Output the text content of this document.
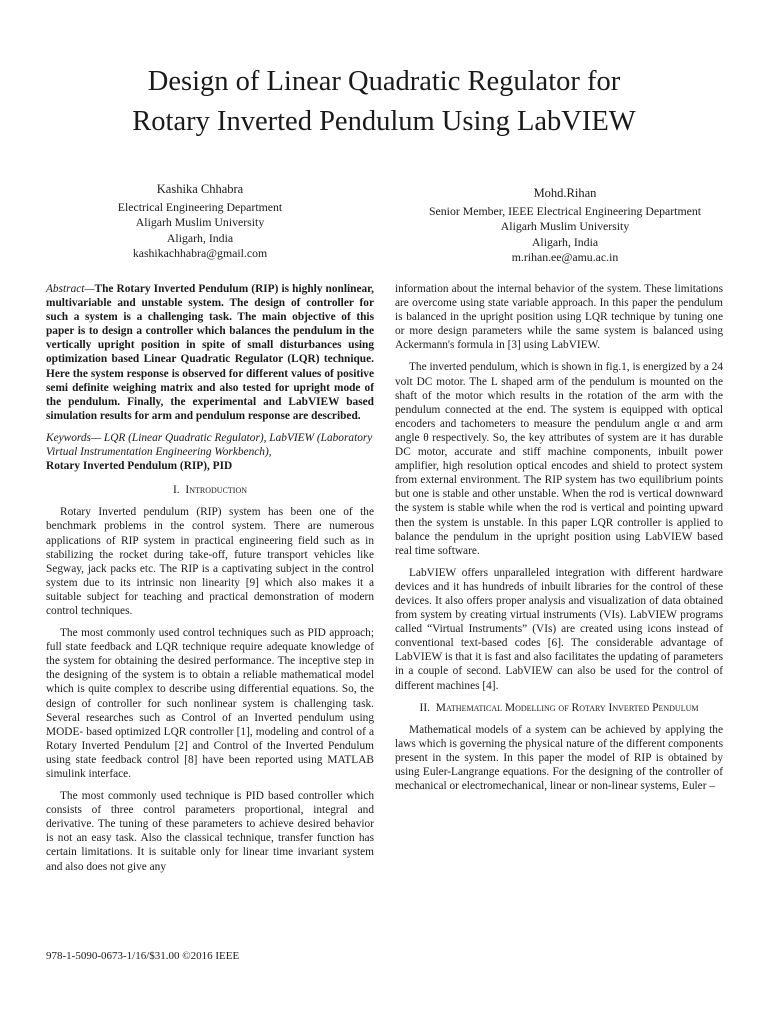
Design of Linear Quadratic Regulator for
Rotary Inverted Pendulum Using LabVIEW
Kashika Chhabra
Electrical Engineering Department
Aligarh Muslim University
Aligarh, India
kashikachhabra@gmail.com
Mohd.Rihan
Senior Member, IEEE Electrical Engineering Department
Aligarh Muslim University
Aligarh, India
m.rihan.ee@amu.ac.in

Abstract—The Rotary Inverted Pendulum (RIP) is highly nonlinear, multivariable and unstable system. The design of controller for such a system is a challenging task. The main objective of this paper is to design a controller which balances the pendulum in the vertically upright position in spite of small disturbances using optimization based Linear Quadratic Regulator (LQR) technique. Here the system response is observed for different values of positive semi definite weighing matrix and also tested for upright mode of the pendulum. Finally, the experimental and LabVIEW based simulation results for arm and pendulum response are described.

Keywords— LQR (Linear Quadratic Regulator), LabVIEW (Laboratory Virtual Instrumentation Engineering Workbench),
Rotary Inverted Pendulum (RIP), PID

I. Introduction

Rotary Inverted pendulum (RIP) system has been one of the benchmark problems in the control system. There are numerous applications of RIP system in practical engineering field such as in stabilizing the rocket during take-off, future transport vehicles like Segway, jack packs etc. The RIP is a captivating subject in the control system due to its intrinsic non linearity [9] which also makes it a suitable subject for teaching and practical demonstration of modern control techniques.

The most commonly used control techniques such as PID approach; full state feedback and LQR technique require adequate knowledge of the system for obtaining the desired performance. The inceptive step in the designing of the system is to obtain a reliable mathematical model which is quite complex to describe using differential equations. So, the design of controller for such nonlinear system is challenging task. Several researches such as Control of an Inverted pendulum using MODE- based optimized LQR controller [1], modeling and control of a Rotary Inverted Pendulum [2] and Control of the Inverted Pendulum using state feedback control [8] have been reported using MATLAB simulink interface.

The most commonly used technique is PID based controller which consists of three control parameters proportional, integral and derivative. The tuning of these parameters to achieve desired behavior is not an easy task. Also the classical technique, transfer function has certain limitations. It is suitable only for linear time invariant system and also does not give any

information about the internal behavior of the system. These limitations are overcome using state variable approach. In this paper the pendulum is balanced in the upright position using LQR technique by tuning one or more design parameters while the same system is balanced using Ackermann's formula in [3] using LabVIEW.

The inverted pendulum, which is shown in fig.1, is energized by a 24 volt DC motor. The L shaped arm of the pendulum is mounted on the shaft of the motor which results in the rotation of the arm with the pendulum connected at the end. The system is equipped with optical encoders and tachometers to measure the pendulum angle α and arm angle θ respectively. So, the key attributes of system are it has durable DC motor, accurate and stiff machine components, inbuilt power amplifier, high resolution optical encodes and shield to protect system from external environment. The RIP system has two equilibrium points but one is stable and other unstable. When the rod is vertical downward the system is stable while when the rod is vertical and pointing upward then the system is unstable. In this paper LQR controller is applied to balance the pendulum in the upright position using LabVIEW based real time software.

LabVIEW offers unparalleled integration with different hardware devices and it has hundreds of inbuilt libraries for the control of these devices. It also offers proper analysis and visualization of data obtained from system by creating virtual instruments (VIs). LabVIEW programs called “Virtual Instruments” (VIs) are created using icons instead of conventional text-based codes [6]. The considerable advantage of LabVIEW is that it is fast and also facilitates the updating of parameters in a couple of second. LabVIEW can also be used for the control of different machines [4].

II. Mathematical Modelling of Rotary Inverted Pendulum

Mathematical models of a system can be achieved by applying the laws which is governing the physical nature of the different components present in the system. In this paper the model of RIP is obtained by using Euler-Langrange equations. For the designing of the controller of mechanical or electromechanical, linear or non-linear systems, Euler –

978-1-5090-0673-1/16/$31.00 ©2016 IEEE
